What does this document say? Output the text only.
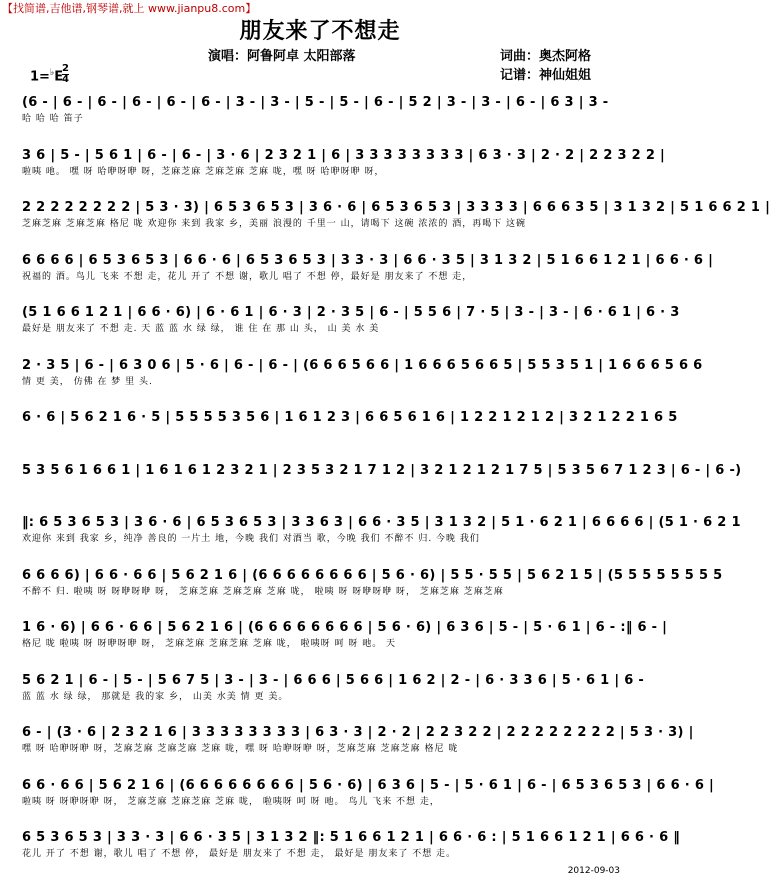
【找简谱,吉他谱,钢琴谱,就上 www.jianpu8.com】
朋友来了不想走
演唱：阿鲁阿卓 太阳部落	词曲：奥杰阿格
记谱：神仙姐姐
1=♭E
2
4
(6 - | 6 - | 6 - | 6 - | 6 - | 6 - | 3 - | 3 - | 5 - | 5 - | 6 - | 5 2 | 3 - | 3 - | 6 - | 6 3 | 3 -
哈 哈 哈 笛子
3 6 | 5 - | 5 6 1 | 6 - | 6 - | 3 · 6 | 2 3 2 1 | 6 | 3 3 3 3 3 3 3 3 | 6 3 · 3 | 2 · 2 | 2 2 3 2 2 |
啦咦 吔。 嘿 呀 哈咿呀咿 呀，芝麻芝麻 芝麻芝麻 芝麻 咙，嘿 呀 哈咿呀咿 呀，
2 2 2 2 2 2 2 2 | 5 3 · 3) | 6 5 3 6 5 3 | 3 6 · 6 | 6 5 3 6 5 3 | 3 3 3 3 | 6 6 6 3 5 | 3 1 3 2 | 5 1 6 6 2 1 |
芝麻芝麻 芝麻芝麻 格尼 咙 欢迎你 来到 我家 乡，美丽 浪漫的 千里一 山，请喝下 这碗 浓浓的 酒，再喝下 这碗
6 6 6 6 | 6 5 3 6 5 3 | 6 6 · 6 | 6 5 3 6 5 3 | 3 3 · 3 | 6 6 · 3 5 | 3 1 3 2 | 5 1 6 6 1 2 1 | 6 6 · 6 |
祝福的 酒。鸟儿 飞来 不想 走，花儿 开了 不想 谢，歌儿 唱了 不想 停，最好是 朋友来了 不想 走，
(5 1 6 6 1 2 1 | 6 6 · 6) | 6 · 6 1 | 6 · 3 | 2 · 3 5 | 6 - | 5 5 6 | 7 · 5 | 3 - | 3 - | 6 · 6 1 | 6 · 3
最好是 朋友来了 不想 走. 天 蓝 蓝 水 绿 绿， 谁 住 在 那 山 头， 山 美 水 美
2 · 3 5 | 6 - | 6 3 0 6 | 5 · 6 | 6 - | 6 - | (6 6 6 5 6 6 | 1 6 6 6 5 6 6 5 | 5 5 3 5 1 | 1 6 6 6 5 6 6
情 更 美， 仿佛 在 梦 里 头.
6 · 6 | 5 6 2 1 6 · 5 | 5 5 5 5 3 5 6 | 1 6 1 2 3 | 6 6 5 6 1 6 | 1 2 2 1 2 1 2 | 3 2 1 2 2 1 6 5
5 3 5 6 1 6 6 1 | 1 6 1 6 1 2 3 2 1 | 2 3 5 3 2 1 7 1 2 | 3 2 1 2 1 2 1 7 5 | 5 3 5 6 7 1 2 3 | 6 - | 6 -)
‖: 6 5 3 6 5 3 | 3 6 · 6 | 6 5 3 6 5 3 | 3 3 6 3 | 6 6 · 3 5 | 3 1 3 2 | 5 1 · 6 2 1 | 6 6 6 6 | (5 1 · 6 2 1
欢迎你 来到 我家 乡，纯净 善良的 一片土 地，今晚 我们 对酒当 歌，今晚 我们 不醉不 归. 今晚 我们
6 6 6 6) | 6 6 · 6 6 | 5 6 2 1 6 | (6 6 6 6 6 6 6 6 | 5 6 · 6) | 5 5 · 5 5 | 5 6 2 1 5 | (5 5 5 5 5 5 5 5
不醉不 归. 啦咦 呀 呀咿呀咿 呀， 芝麻芝麻 芝麻芝麻 芝麻 咙， 啦咦 呀 呀咿呀咿 呀， 芝麻芝麻 芝麻芝麻
1 6 · 6) | 6 6 · 6 6 | 5 6 2 1 6 | (6 6 6 6 6 6 6 6 | 5 6 · 6) | 6 3 6 | 5 - | 5 · 6 1 | 6 - :‖ 6 - |
格尼 咙 啦咦 呀 呀咿呀咿 呀， 芝麻芝麻 芝麻芝麻 芝麻 咙， 啦咦呀 呵 呀 吔。 天
5 6 2 1 | 6 - | 5 - | 5 6 7 5 | 3 - | 3 - | 6 6 6 | 5 6 6 | 1 6 2 | 2 - | 6 · 3 3 6 | 5 · 6 1 | 6 -
蓝 蓝 水 绿 绿， 那就是 我的家 乡， 山美 水美 情 更 美。
6 - | (3 · 6 | 2 3 2 1 6 | 3 3 3 3 3 3 3 3 | 6 3 · 3 | 2 · 2 | 2 2 3 2 2 | 2 2 2 2 2 2 2 2 | 5 3 · 3) |
嘿 呀 哈咿呀咿 呀，芝麻芝麻 芝麻芝麻 芝麻 咙，嘿 呀 哈咿呀咿 呀，芝麻芝麻 芝麻芝麻 格尼 咙
6 6 · 6 6 | 5 6 2 1 6 | (6 6 6 6 6 6 6 6 | 5 6 · 6) | 6 3 6 | 5 - | 5 · 6 1 | 6 - | 6 5 3 6 5 3 | 6 6 · 6 |
啦咦 呀 呀咿呀咿 呀， 芝麻芝麻 芝麻芝麻 芝麻 咙， 啦咦呀 呵 呀 吔。 鸟儿 飞来 不想 走，
6 5 3 6 5 3 | 3 3 · 3 | 6 6 · 3 5 | 3 1 3 2 ‖: 5 1 6 6 1 2 1 | 6 6 · 6 : | 5 1 6 6 1 2 1 | 6 6 · 6 ‖
花儿 开了 不想 谢，歌儿 唱了 不想 停， 最好是 朋友来了 不想 走， 最好是 朋友来了 不想 走。
2012-09-03
